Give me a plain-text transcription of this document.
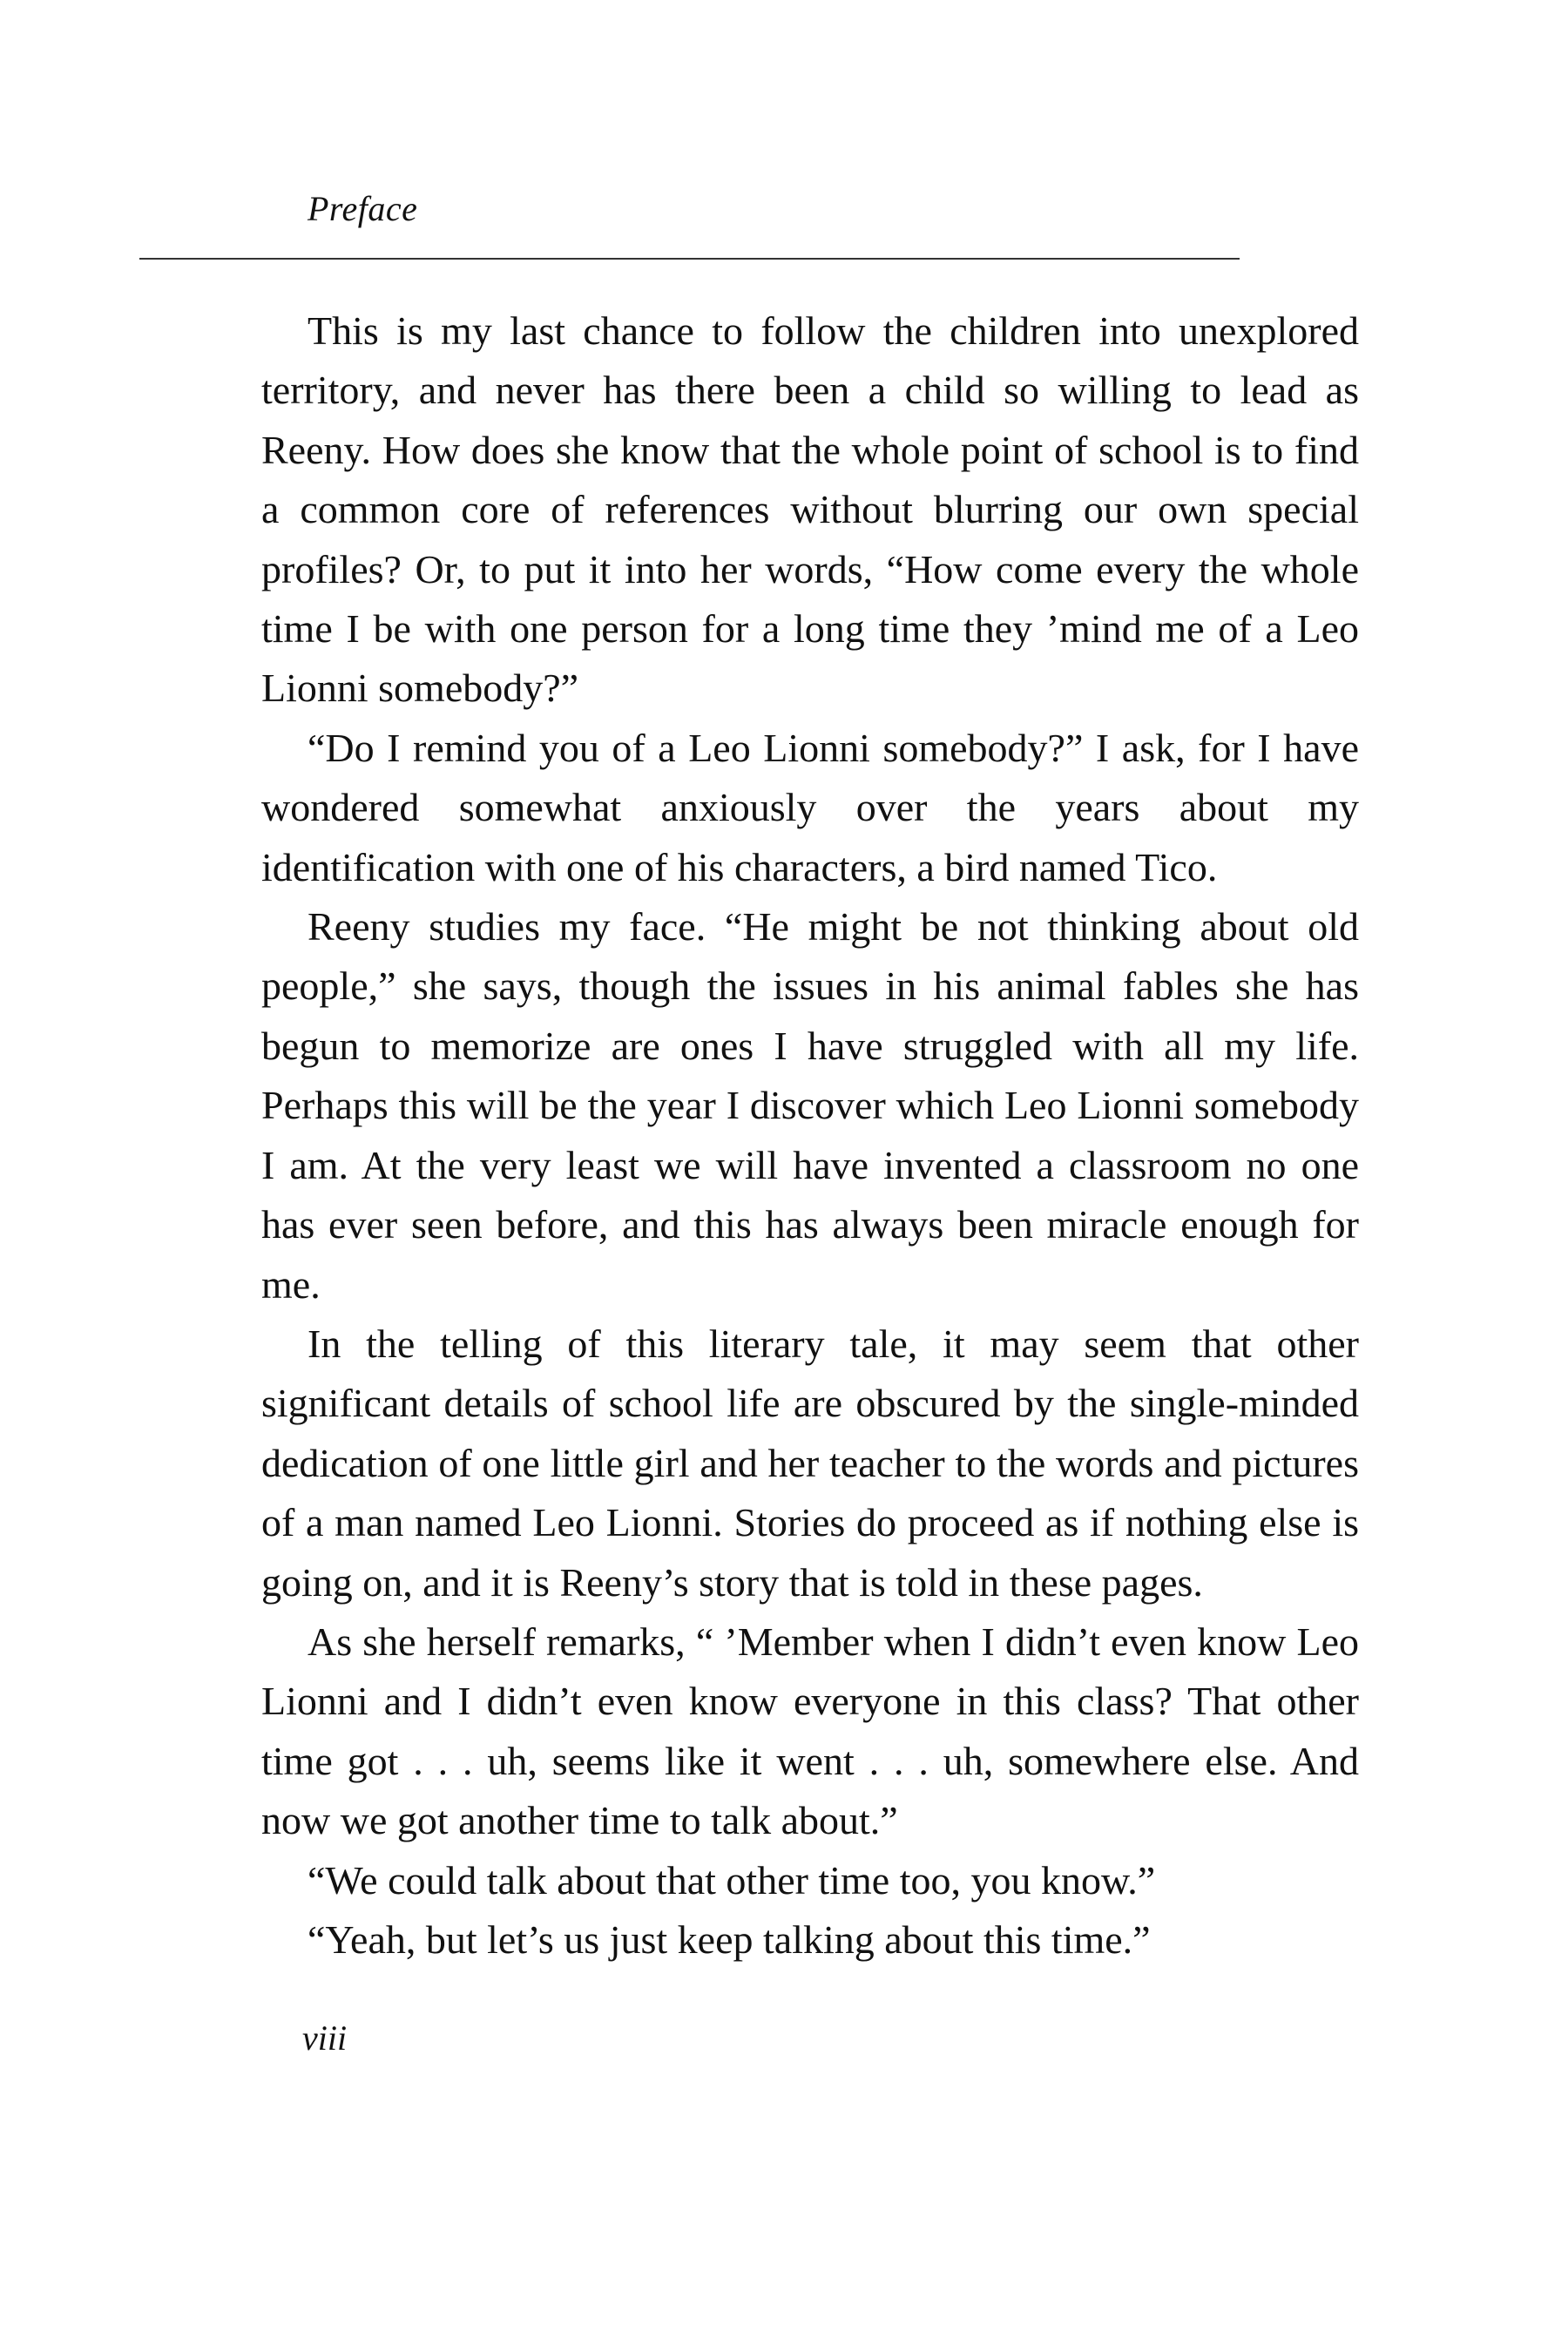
Preface

This is my last chance to follow the children into unexplored territory, and never has there been a child so willing to lead as Reeny. How does she know that the whole point of school is to find a common core of references without blurring our own special profiles? Or, to put it into her words, “How come every the whole time I be with one person for a long time they ’mind me of a Leo Lionni somebody?”

“Do I remind you of a Leo Lionni somebody?” I ask, for I have wondered somewhat anxiously over the years about my identification with one of his characters, a bird named Tico.

Reeny studies my face. “He might be not thinking about old people,” she says, though the issues in his animal fables she has begun to memorize are ones I have struggled with all my life. Perhaps this will be the year I discover which Leo Lionni somebody I am. At the very least we will have invented a classroom no one has ever seen before, and this has always been miracle enough for me.

In the telling of this literary tale, it may seem that other significant details of school life are obscured by the single-minded dedication of one little girl and her teacher to the words and pictures of a man named Leo Lionni. Stories do proceed as if nothing else is going on, and it is Reeny’s story that is told in these pages.

As she herself remarks, “ ’Member when I didn’t even know Leo Lionni and I didn’t even know everyone in this class? That other time got . . . uh, seems like it went . . . uh, somewhere else. And now we got another time to talk about.”

“We could talk about that other time too, you know.”

“Yeah, but let’s us just keep talking about this time.”

viii
